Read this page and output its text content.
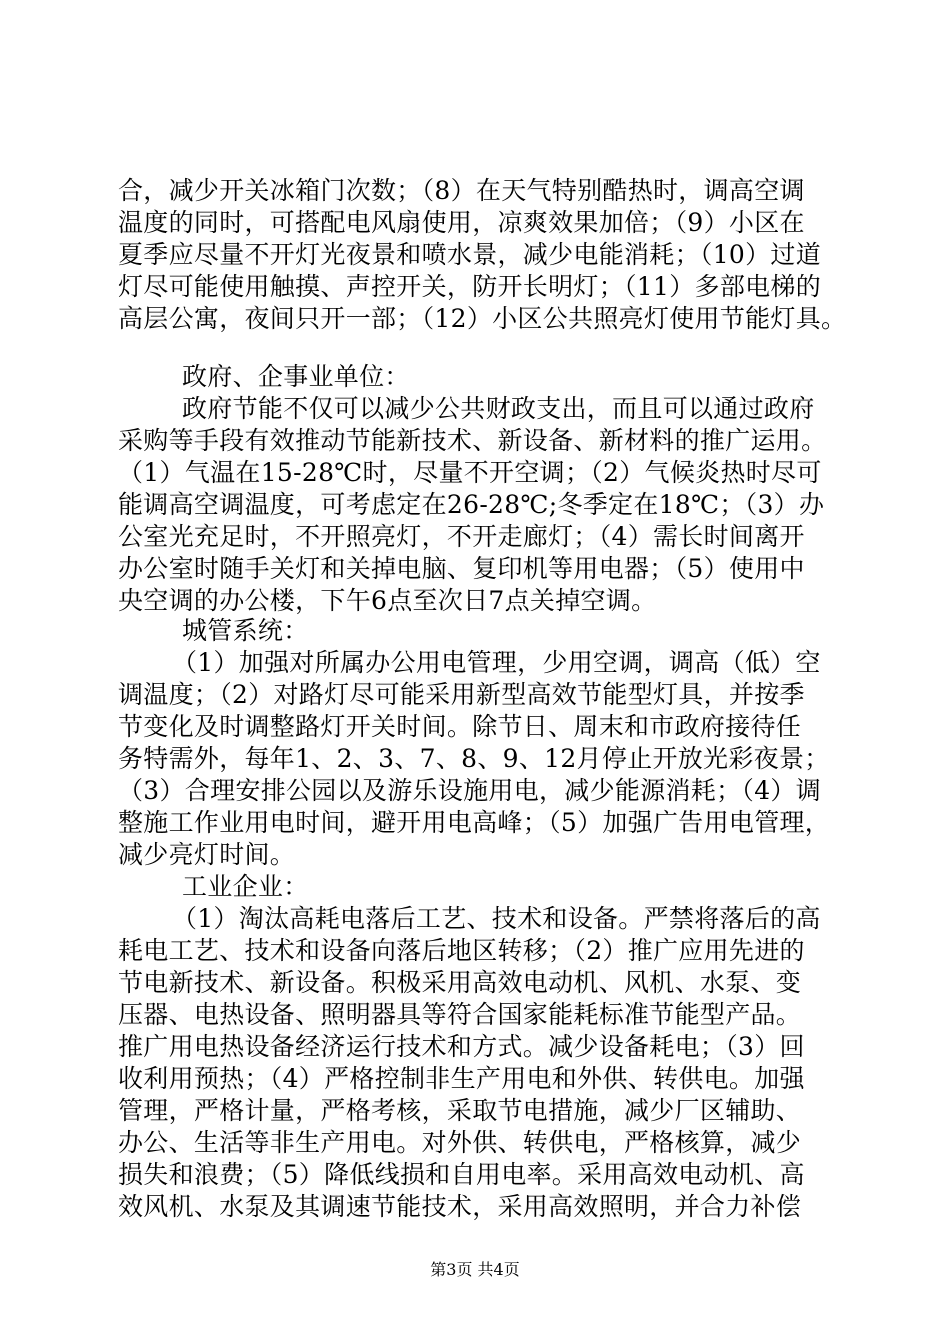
合，减少开关冰箱门次数；（8）在天气特别酷热时，调高空调
温度的同时，可搭配电风扇使用，凉爽效果加倍；（9）小区在
夏季应尽量不开灯光夜景和喷水景，减少电能消耗；（10）过道
灯尽可能使用触摸、声控开关，防开长明灯；（11）多部电梯的
高层公寓，夜间只开一部；（12）小区公共照亮灯使用节能灯具。
政府、企事业单位：
政府节能不仅可以减少公共财政支出，而且可以通过政府
采购等手段有效推动节能新技术、新设备、新材料的推广运用。
（1）气温在15-28℃时，尽量不开空调；（2）气候炎热时尽可
能调高空调温度，可考虑定在26-28℃;冬季定在18℃；（3）办
公室光充足时，不开照亮灯，不开走廊灯；（4）需长时间离开
办公室时随手关灯和关掉电脑、复印机等用电器；（5）使用中
央空调的办公楼，下午6点至次日7点关掉空调。
城管系统：
（1）加强对所属办公用电管理，少用空调，调高（低）空
调温度；（2）对路灯尽可能采用新型高效节能型灯具，并按季
节变化及时调整路灯开关时间。除节日、周末和市政府接待任
务特需外，每年1、2、3、7、8、9、12月停止开放光彩夜景；
（3）合理安排公园以及游乐设施用电，减少能源消耗；（4）调
整施工作业用电时间，避开用电高峰；（5）加强广告用电管理，
减少亮灯时间。
工业企业：
（1）淘汰高耗电落后工艺、技术和设备。严禁将落后的高
耗电工艺、技术和设备向落后地区转移；（2）推广应用先进的
节电新技术、新设备。积极采用高效电动机、风机、水泵、变
压器、电热设备、照明器具等符合国家能耗标准节能型产品。
推广用电热设备经济运行技术和方式。减少设备耗电；（3）回
收利用预热；（4）严格控制非生产用电和外供、转供电。加强
管理，严格计量，严格考核，采取节电措施，减少厂区辅助、
办公、生活等非生产用电。对外供、转供电，严格核算，减少
损失和浪费；（5）降低线损和自用电率。采用高效电动机、高
效风机、水泵及其调速节能技术，采用高效照明，并合力补偿
第3页 共4页
